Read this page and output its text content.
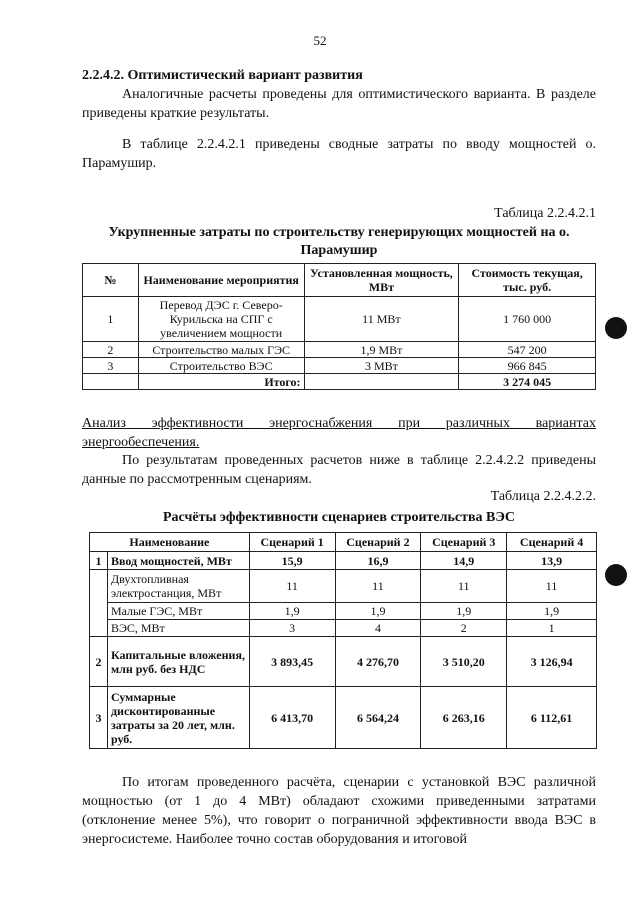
52
2.2.4.2. Оптимистический вариант развития
Аналогичные расчеты проведены для оптимистического варианта. В разделе приведены краткие результаты.
В таблице 2.2.4.2.1 приведены сводные затраты по вводу мощностей о. Парамушир.
Таблица 2.2.4.2.1
Укрупненные затраты по строительству генерирующих мощностей на о. Парамушир
№	Наименование мероприятия	Установленная мощность, МВт	Стоимость текущая, тыс. руб.
1	Перевод ДЭС г. Северо-Курильска на СПГ с увеличением мощности	11 МВт	1 760 000
2	Строительство малых ГЭС	1,9 МВт	547 200
3	Строительство ВЭС	3 МВт	966 845
	Итого:		3 274 045
Анализ эффективности энергоснабжения при различных вариантах энергообеспечения.
По результатам проведенных расчетов ниже в таблице 2.2.4.2.2 приведены данные по рассмотренным сценариям.
Таблица 2.2.4.2.2.
Расчёты эффективности сценариев строительства ВЭС
Наименование		Сценарий 1	Сценарий 2	Сценарий 3	Сценарий 4
1	Ввод мощностей, МВт	15,9	16,9	14,9	13,9
	Двухтопливная электростанция, МВт	11	11	11	11
	Малые ГЭС, МВт	1,9	1,9	1,9	1,9
	ВЭС, МВт	3	4	2	1
2	Капитальные вложения, млн руб. без НДС	3 893,45	4 276,70	3 510,20	3 126,94
3	Суммарные дисконтированные затраты за 20 лет, млн. руб.	6 413,70	6 564,24	6 263,16	6 112,61
По итогам проведенного расчёта, сценарии с установкой ВЭС различной мощностью (от 1 до 4 МВт) обладают схожими приведенными затратами (отклонение менее 5%), что говорит о пограничной эффективности ввода ВЭС в энергосистеме. Наиболее точно состав оборудования и итоговой
